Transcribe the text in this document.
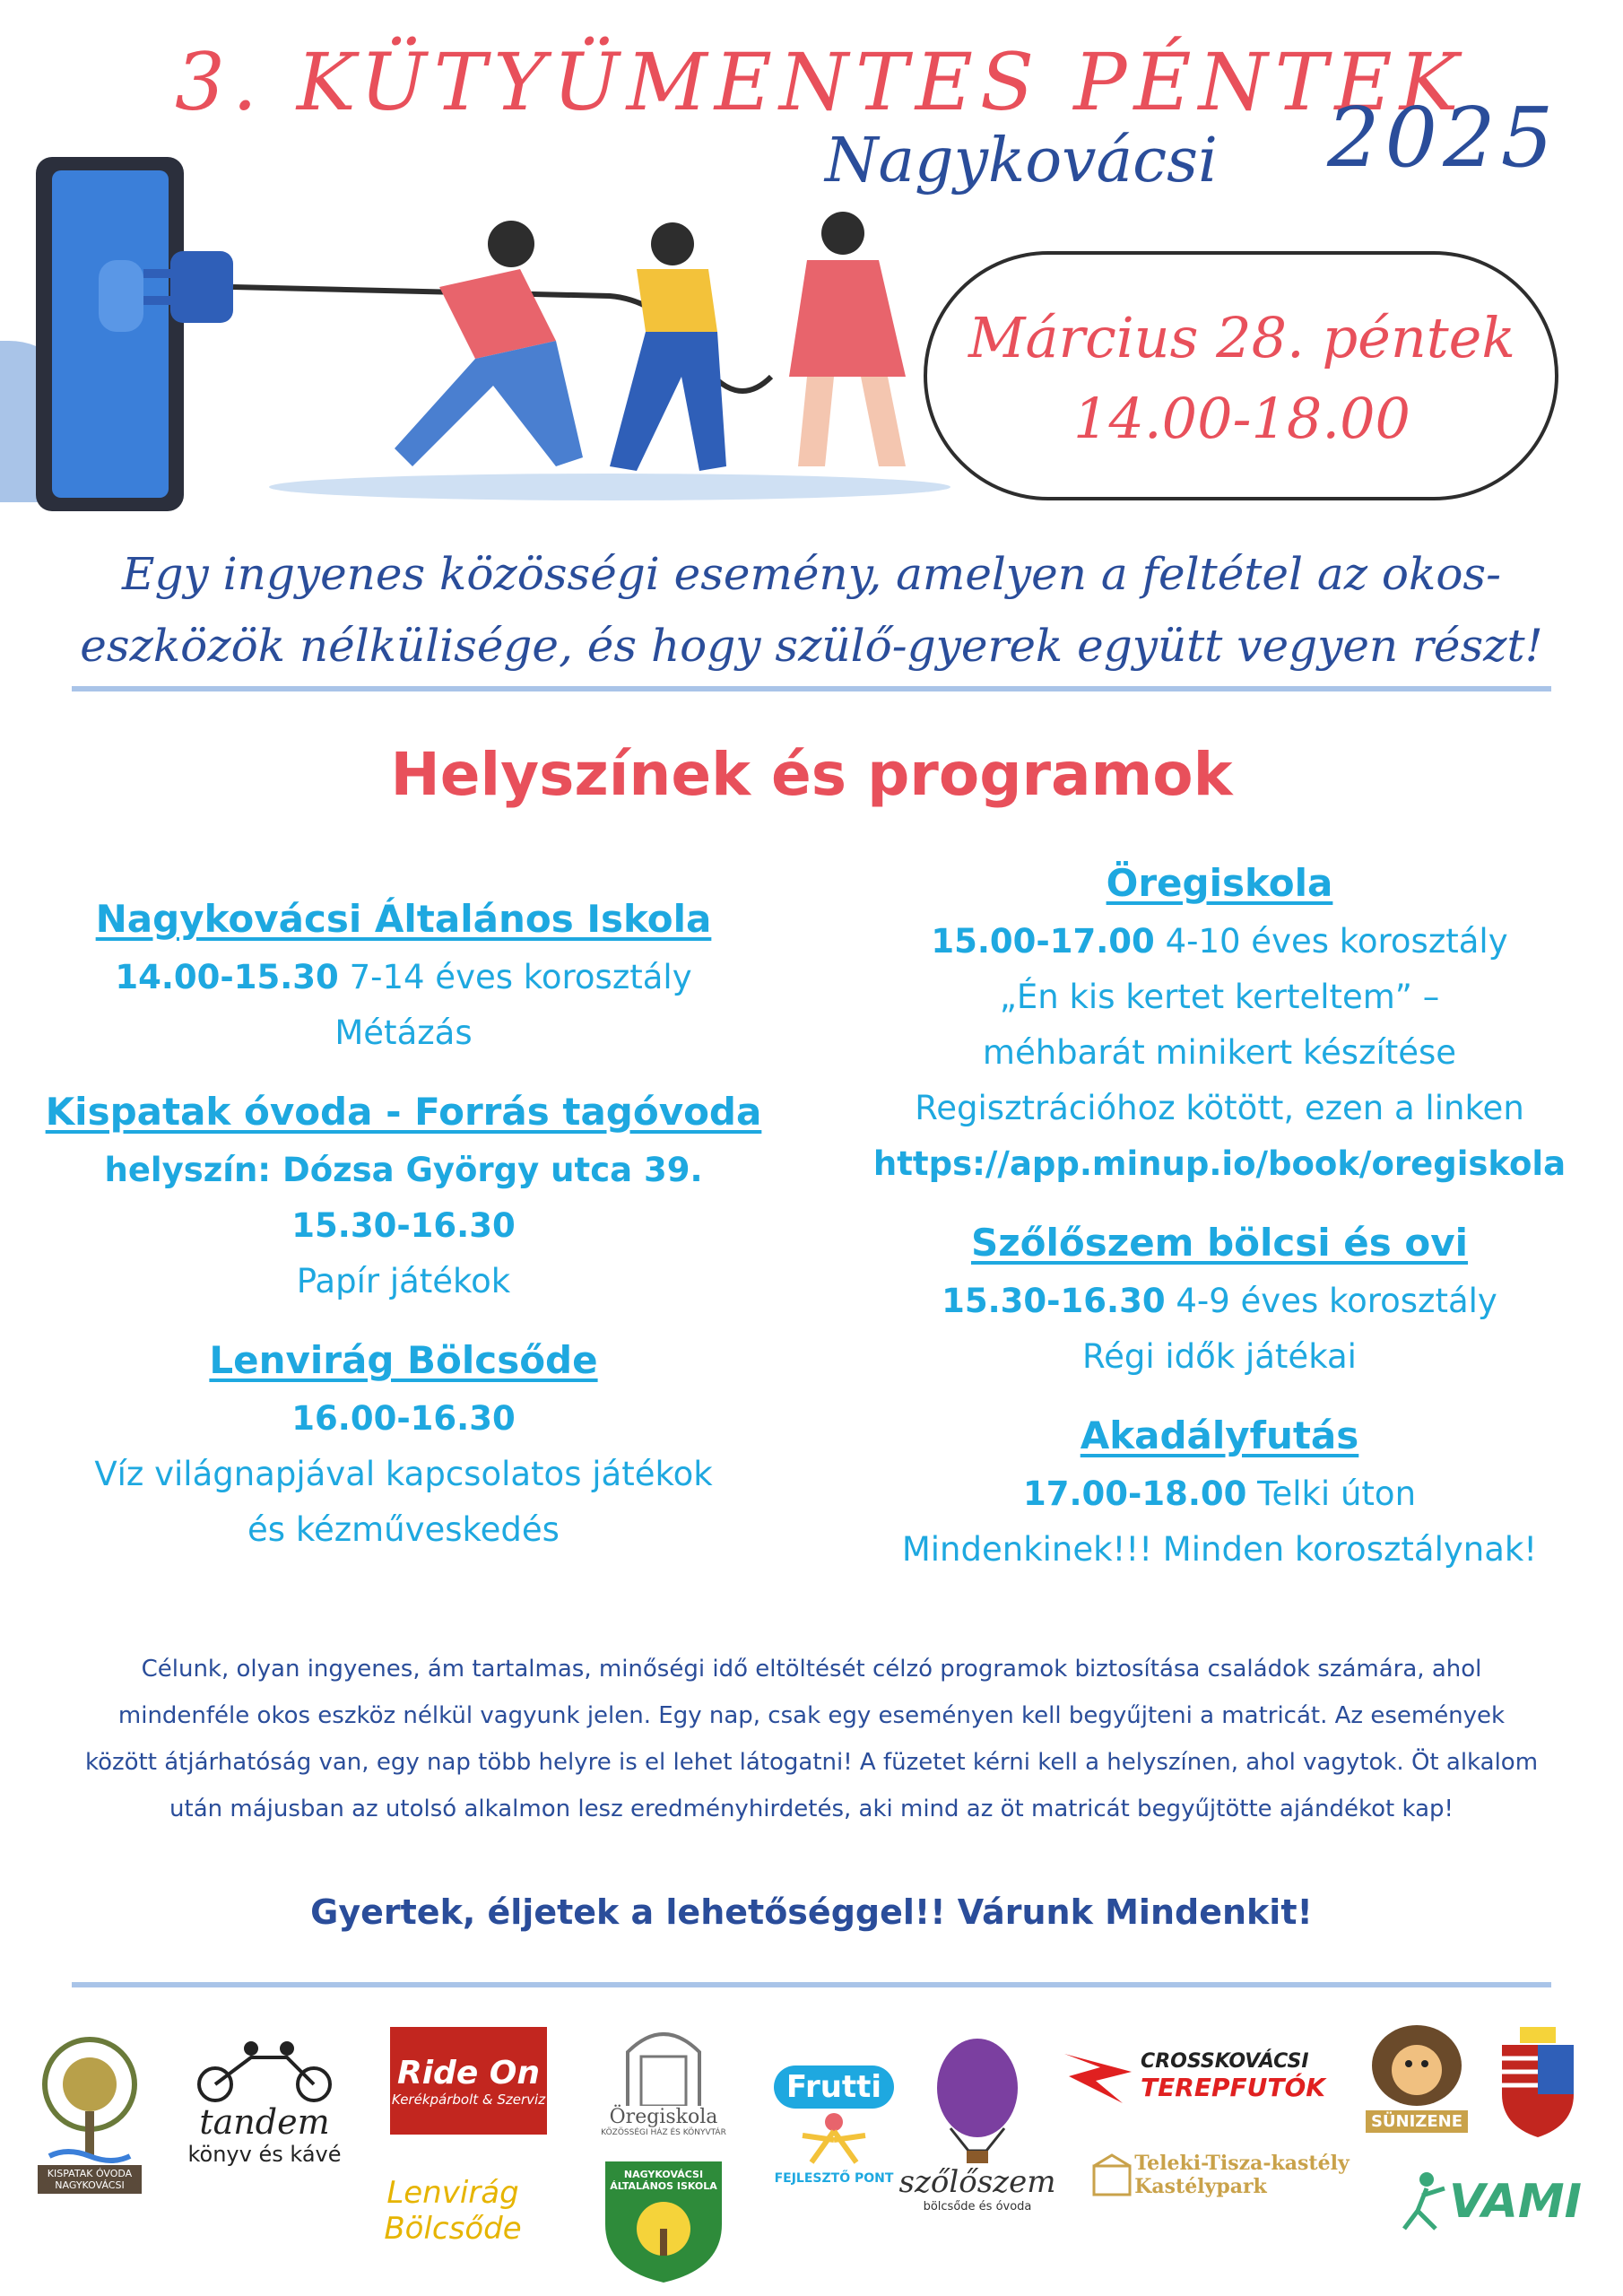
3. KÜTYÜMENTES PÉNTEK
2025
Nagykovácsi
Március 28. péntek
14.00-18.00
Egy ingyenes közösségi esemény, amelyen a feltétel az okos-eszközök nélkülisége, és hogy szülő-gyerek együtt vegyen részt!
Helyszínek és programok
Nagykovácsi Általános Iskola
14.00-15.30 7-14 éves korosztály
Métázás
Kispatak óvoda - Forrás tagóvoda
helyszín: Dózsa György utca 39.
15.30-16.30
Papír játékok
Lenvirág Bölcsőde
16.00-16.30
Víz világnapjával kapcsolatos játékok
és kézműveskedés
Öregiskola
15.00-17.00 4-10 éves korosztály
„Én kis kertet kerteltem” –
méhbarát minikert készítése
Regisztrációhoz kötött, ezen a linken
https://app.minup.io/book/oregiskola
Szőlőszem bölcsi és ovi
15.30-16.30 4-9 éves korosztály
Régi idők játékai
Akadályfutás
17.00-18.00 Telki úton
Mindenkinek!!! Minden korosztálynak!
Célunk, olyan ingyenes, ám tartalmas, minőségi idő eltöltését célzó programok biztosítása családok számára, ahol mindenféle okos eszköz nélkül vagyunk jelen. Egy nap, csak egy eseményen kell begyűjteni a matricát. Az események között átjárhatóság van, egy nap több helyre is el lehet látogatni! A füzetet kérni kell a helyszínen, ahol vagytok. Öt alkalom után májusban az utolsó alkalmon lesz eredményhirdetés, aki mind az öt matricát begyűjtötte ajándékot kap!
Gyertek, éljetek a lehetőséggel!! Várunk Mindenkit!
KISPATAK ÓVODA NAGYKOVÁCSI
tandem
könyv és kávé
Ride On
Kerékpárbolt & Szerviz
Lenvirág
Bölcsőde
Öregiskola
KÖZÖSSÉGI HÁZ ÉS KÖNYVTÁR
NAGYKOVÁCSI ÁLTALÁNOS ISKOLA
Frutti
FEJLESZTŐ PONT szőlőszem
bölcsőde és óvoda
CROSSKOVÁCSI
TEREPFUTÓK
Teleki-Tisza-kastély
Kastélypark
SÜNIZENE
VAMI
